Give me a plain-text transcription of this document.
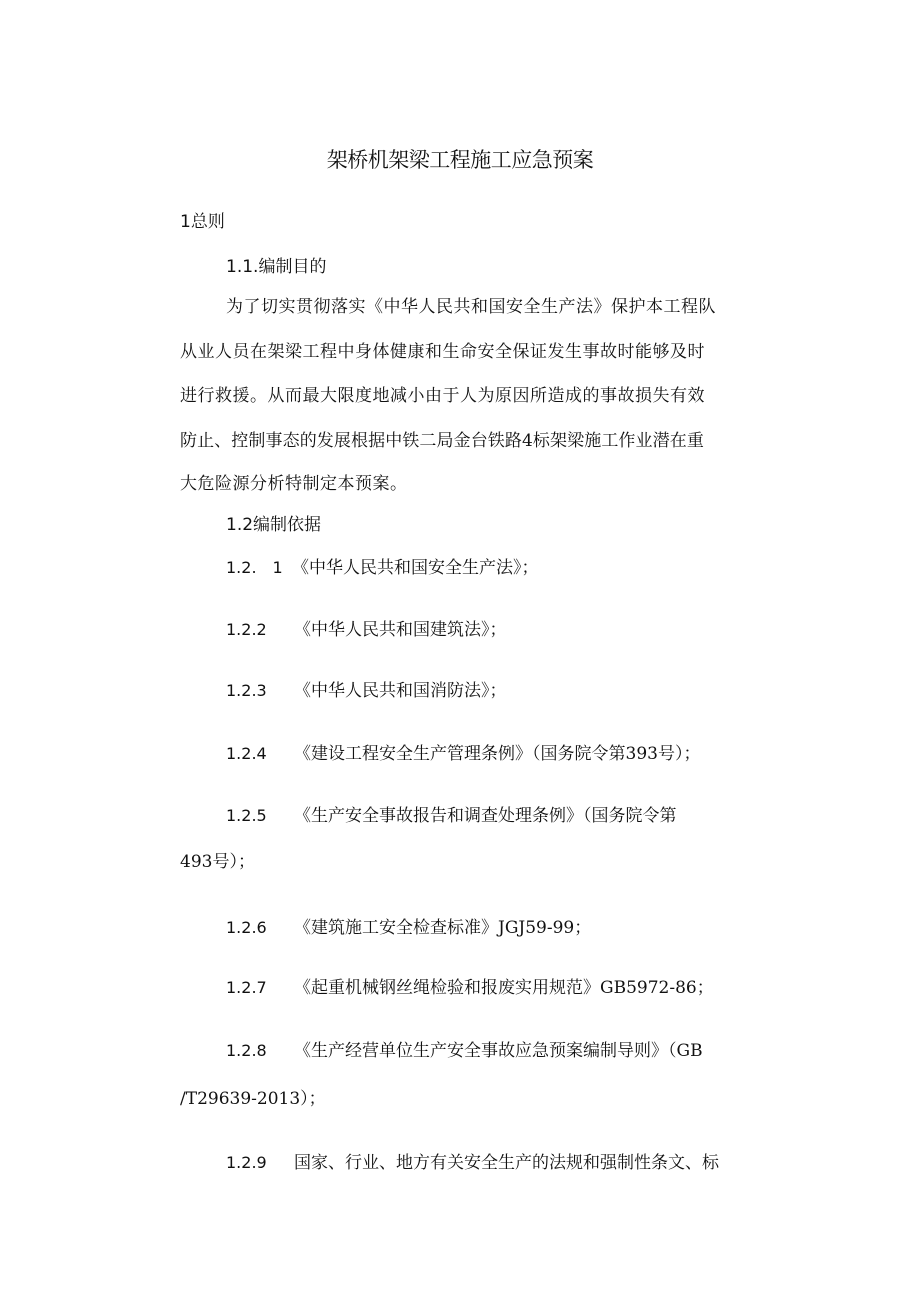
架桥机架梁工程施工应急预案

1总则

1.1.编制目的

为了切实贯彻落实《中华人民共和国安全生产法》保护本工程队

从业人员在架梁工程中身体健康和生命安全保证发生事故时能够及时

进行救援。从而最大限度地减小由于人为原因所造成的事故损失有效

防止、控制事态的发展根据中铁二局金台铁路4标架梁施工作业潜在重

大危险源分析特制定本预案。

1.2编制依据

1.2.　1 《中华人民共和国安全生产法》；

1.2.2 《中华人民共和国建筑法》；

1.2.3 《中华人民共和国消防法》；

1.2.4 《建设工程安全生产管理条例》（国务院令第393号）；

1.2.5 《生产安全事故报告和调查处理条例》（国务院令第

493号）；

1.2.6 《建筑施工安全检查标准》JGJ59-99；

1.2.7 《起重机械钢丝绳检验和报废实用规范》GB5972-86；

1.2.8 《生产经营单位生产安全事故应急预案编制导则》（GB

/T29639-2013）；

1.2.9 国家、行业、地方有关安全生产的法规和强制性条文、标
